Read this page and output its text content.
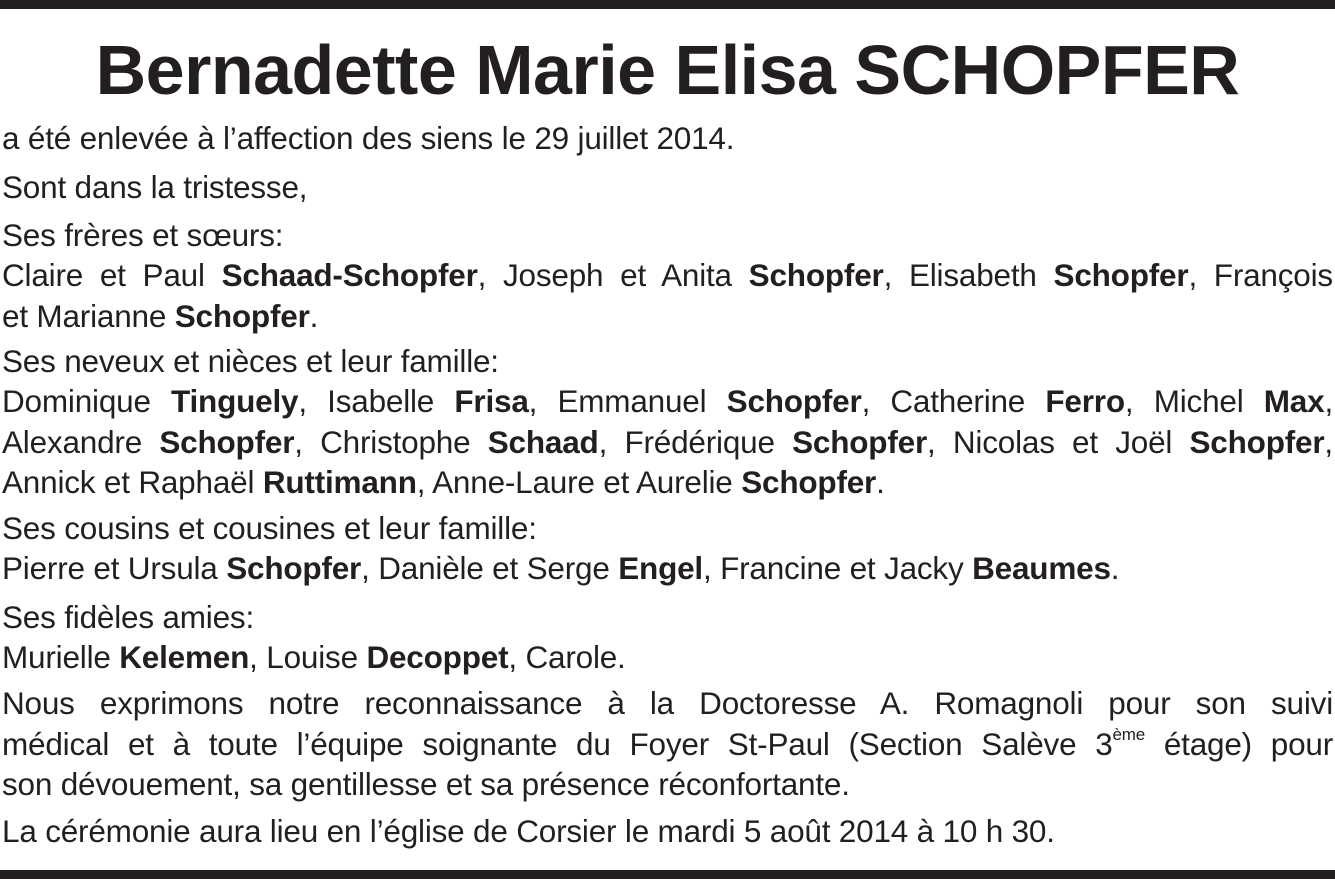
Bernadette Marie Elisa SCHOPFER
a été enlevée à l’affection des siens le 29 juillet 2014.
Sont dans la tristesse,
Ses frères et sœurs:
Claire et Paul Schaad-Schopfer, Joseph et Anita Schopfer, Elisabeth Schopfer, François
et Marianne Schopfer.
Ses neveux et nièces et leur famille:
Dominique Tinguely, Isabelle Frisa, Emmanuel Schopfer, Catherine Ferro, Michel Max,
Alexandre Schopfer, Christophe Schaad, Frédérique Schopfer, Nicolas et Joël Schopfer,
Annick et Raphaël Ruttimann, Anne-Laure et Aurelie Schopfer.
Ses cousins et cousines et leur famille:
Pierre et Ursula Schopfer, Danièle et Serge Engel, Francine et Jacky Beaumes.
Ses fidèles amies:
Murielle Kelemen, Louise Decoppet, Carole.
Nous exprimons notre reconnaissance à la Doctoresse A. Romagnoli pour son suivi
médical et à toute l’équipe soignante du Foyer St-Paul (Section Salève 3ème étage) pour
son dévouement, sa gentillesse et sa présence réconfortante.
La cérémonie aura lieu en l’église de Corsier le mardi 5 août 2014 à 10 h 30.
